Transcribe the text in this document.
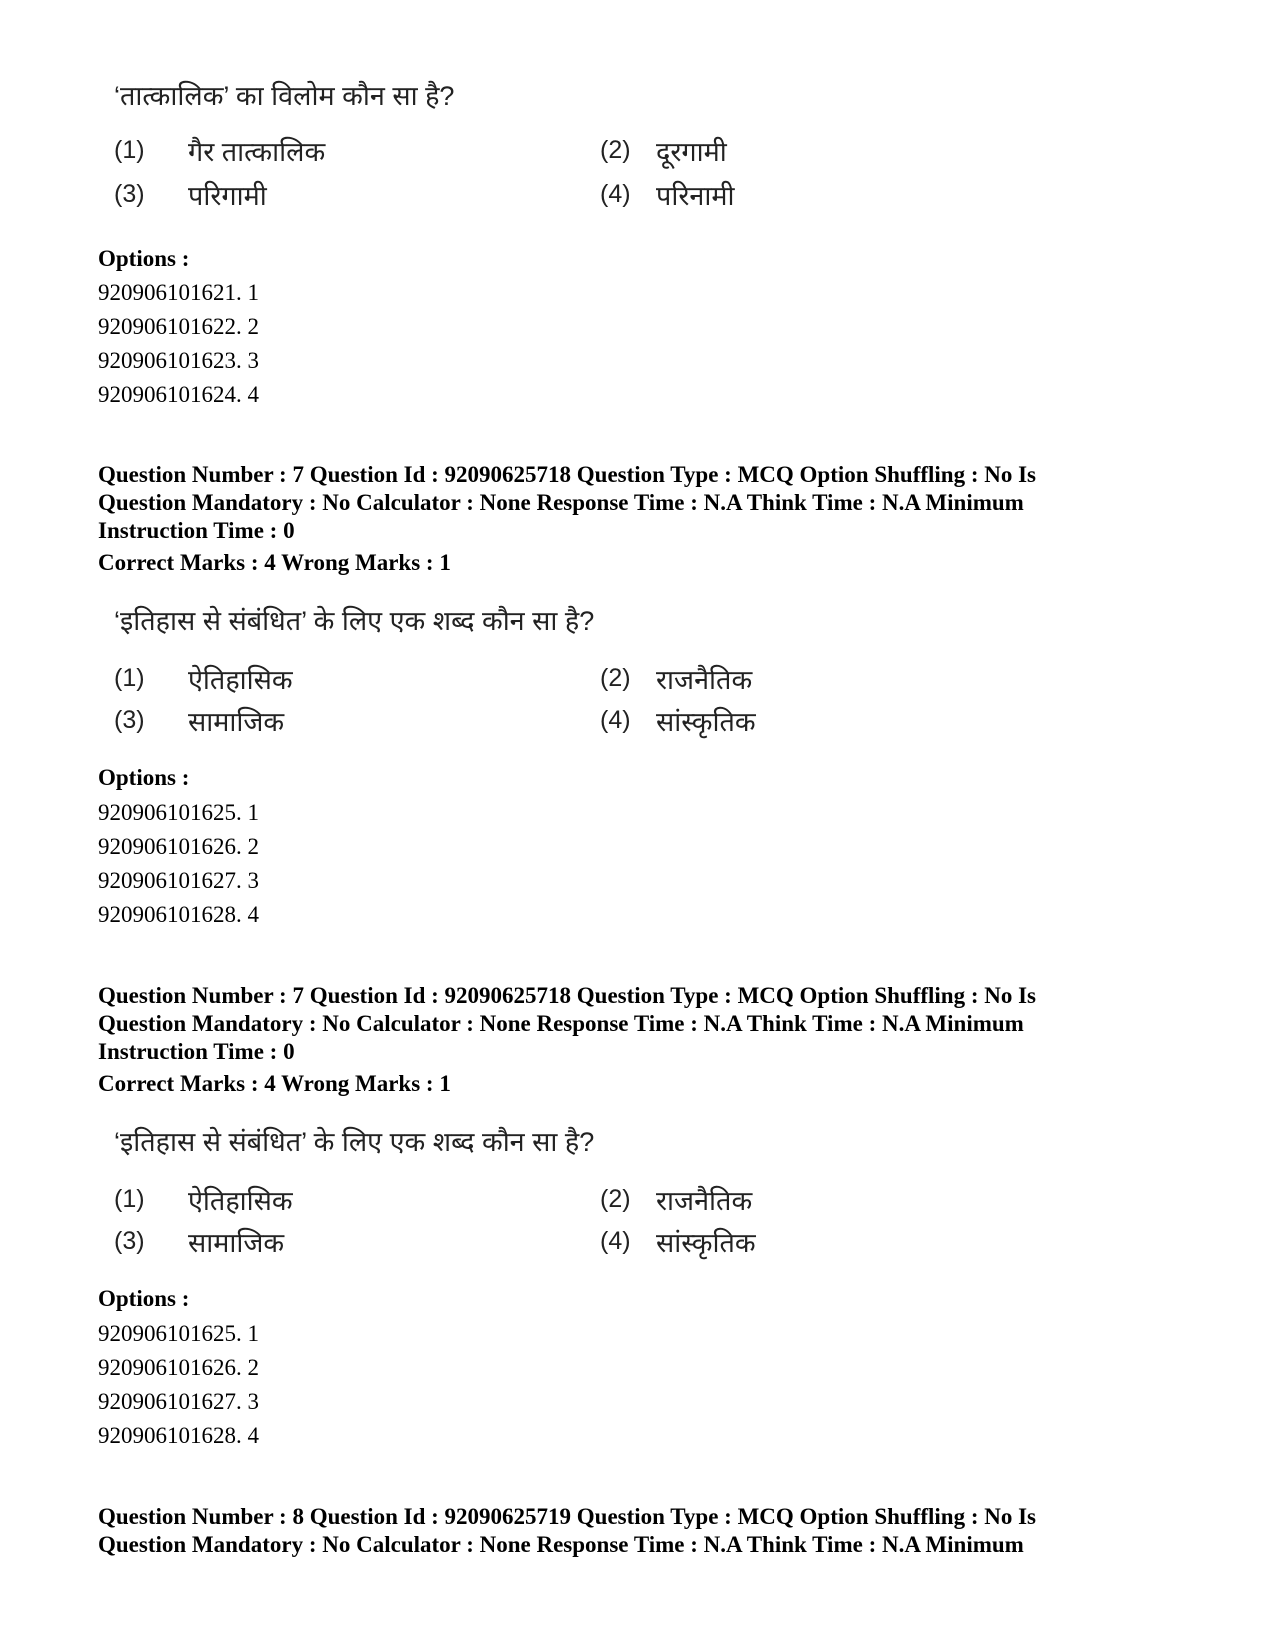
‘तात्कालिक’ का विलोम कौन सा है?
(1) गैर तात्कालिक	(2) दूरगामी
(3) परिगामी	(4) परिनामी
Options :
920906101621. 1
920906101622. 2
920906101623. 3
920906101624. 4
Question Number : 7 Question Id : 92090625718 Question Type : MCQ Option Shuffling : No Is
Question Mandatory : No Calculator : None Response Time : N.A Think Time : N.A Minimum
Instruction Time : 0
Correct Marks : 4 Wrong Marks : 1
‘इतिहास से संबंधित’ के लिए एक शब्द कौन सा है?
(1) ऐतिहासिक	(2) राजनैतिक
(3) सामाजिक	(4) सांस्कृतिक
Options :
920906101625. 1
920906101626. 2
920906101627. 3
920906101628. 4
Question Number : 7 Question Id : 92090625718 Question Type : MCQ Option Shuffling : No Is
Question Mandatory : No Calculator : None Response Time : N.A Think Time : N.A Minimum
Instruction Time : 0
Correct Marks : 4 Wrong Marks : 1
‘इतिहास से संबंधित’ के लिए एक शब्द कौन सा है?
(1) ऐतिहासिक	(2) राजनैतिक
(3) सामाजिक	(4) सांस्कृतिक
Options :
920906101625. 1
920906101626. 2
920906101627. 3
920906101628. 4
Question Number : 8 Question Id : 92090625719 Question Type : MCQ Option Shuffling : No Is
Question Mandatory : No Calculator : None Response Time : N.A Think Time : N.A Minimum
